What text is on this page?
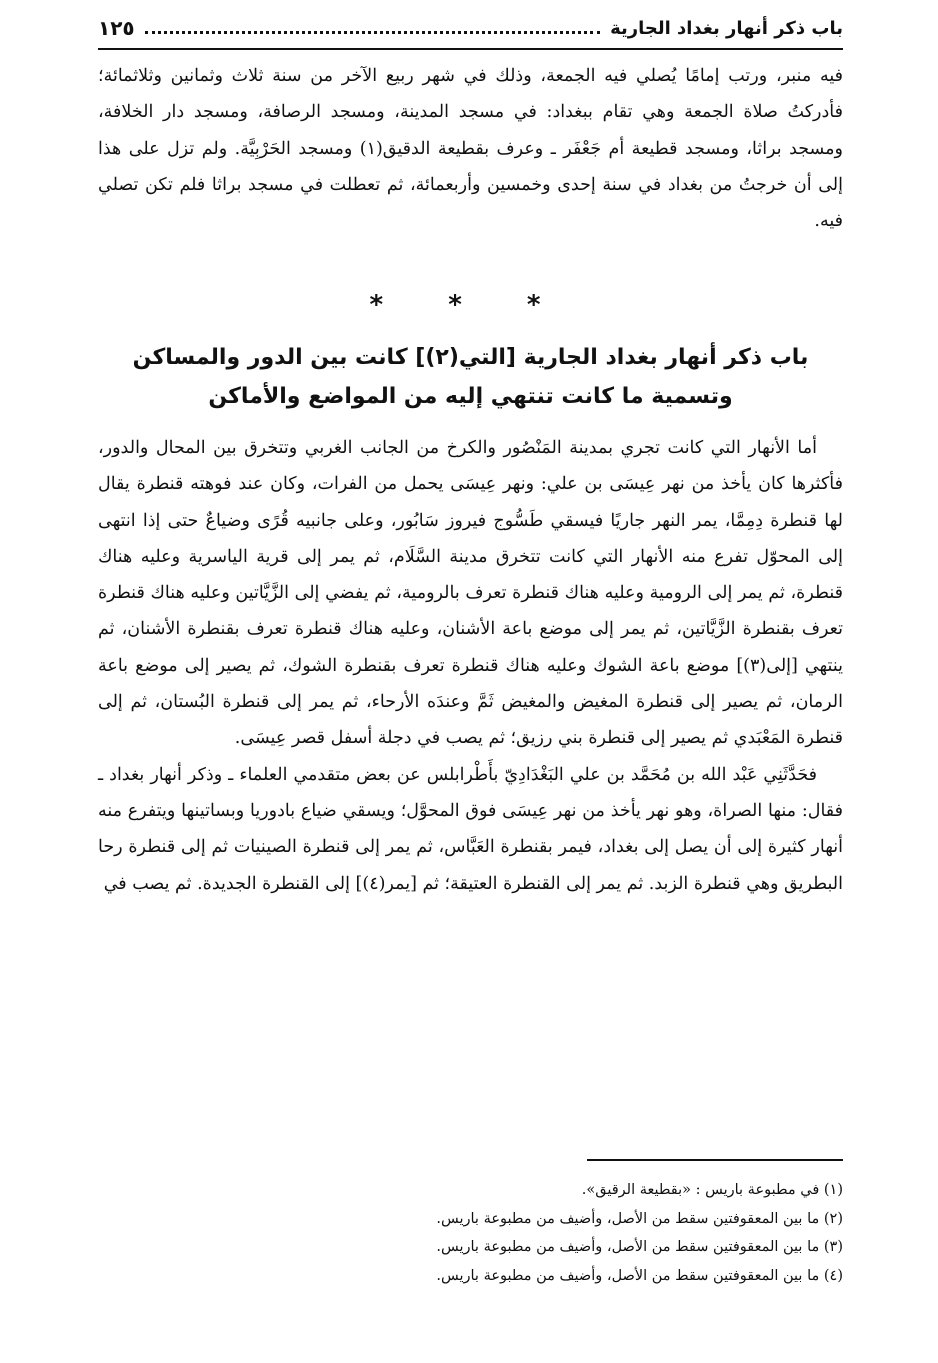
باب ذكر أنهار بغداد الجارية
١٢٥

فيه منبر، ورتب إمامًا يُصلي فيه الجمعة، وذلك في شهر ربيع الآخر من سنة ثلاث وثمانين وثلاثمائة؛ فأدركتُ صلاة الجمعة وهي تقام ببغداد: في مسجد المدينة، ومسجد الرصافة، ومسجد دار الخلافة، ومسجد براثا، ومسجد قطيعة أم جَعْفَر ـ وعرف بقطيعة الدقيق(١) ومسجد الحَرْبِيَّة. ولم تزل على هذا إلى أن خرجتُ من بغداد في سنة إحدى وخمسين وأربعمائة، ثم تعطلت في مسجد براثا فلم تكن تصلي فيه.

* * *
باب ذكر أنهار بغداد الجارية [التي(٢)] كانت بين الدور والمساكن
وتسمية ما كانت تنتهي إليه من المواضع والأماكن

أما الأنهار التي كانت تجري بمدينة المَنْصُور والكرخ من الجانب الغربي وتتخرق بين المحال والدور، فأكثرها كان يأخذ من نهر عِيسَى بن علي: ونهر عِيسَى يحمل من الفرات، وكان عند فوهته قنطرة يقال لها قنطرة دِمِمَّا، يمر النهر جاريًا فيسقي طَسُّوج فيروز سَابُور، وعلى جانبيه قُرًى وضياعٌ حتى إذا انتهى إلى المحوّل تفرع منه الأنهار التي كانت تتخرق مدينة السَّلَام، ثم يمر إلى قرية الياسرية وعليه هناك قنطرة، ثم يمر إلى الرومية وعليه هناك قنطرة تعرف بالرومية، ثم يفضي إلى الزَّيَّاتين وعليه هناك قنطرة تعرف بقنطرة الزَّيَّاتين، ثم يمر إلى موضع باعة الأشنان، وعليه هناك قنطرة تعرف بقنطرة الأشنان، ثم ينتهي [إلى(٣)] موضع باعة الشوك وعليه هناك قنطرة تعرف بقنطرة الشوك، ثم يصير إلى موضع باعة الرمان، ثم يصير إلى قنطرة المغيض والمغيض ثَمَّ وعندَه الأرحاء، ثم يمر إلى قنطرة البُستان، ثم إلى قنطرة المَعْبَدي ثم يصير إلى قنطرة بني رزيق؛ ثم يصب في دجلة أسفل قصر عِيسَى.

فحَدَّثَنِي عَبْد الله بن مُحَمَّد بن علي البَغْدَادِيّ بأَطْرابلس عن بعض متقدمي العلماء ـ وذكر أنهار بغداد ـ فقال: منها الصراة، وهو نهر يأخذ من نهر عِيسَى فوق المحوَّل؛ ويسقي ضياع بادوريا وبساتينها ويتفرع منه أنهار كثيرة إلى أن يصل إلى بغداد، فيمر بقنطرة العَبَّاس، ثم يمر إلى قنطرة الصينيات ثم إلى قنطرة رحا البطريق وهي قنطرة الزبد. ثم يمر إلى القنطرة العتيقة؛ ثم [يمر(٤)] إلى القنطرة الجديدة. ثم يصب في

(١) في مطبوعة باريس : «بقطيعة الرقيق».
(٢) ما بين المعقوفتين سقط من الأصل، وأضيف من مطبوعة باريس.
(٣) ما بين المعقوفتين سقط من الأصل، وأضيف من مطبوعة باريس.
(٤) ما بين المعقوفتين سقط من الأصل، وأضيف من مطبوعة باريس.
